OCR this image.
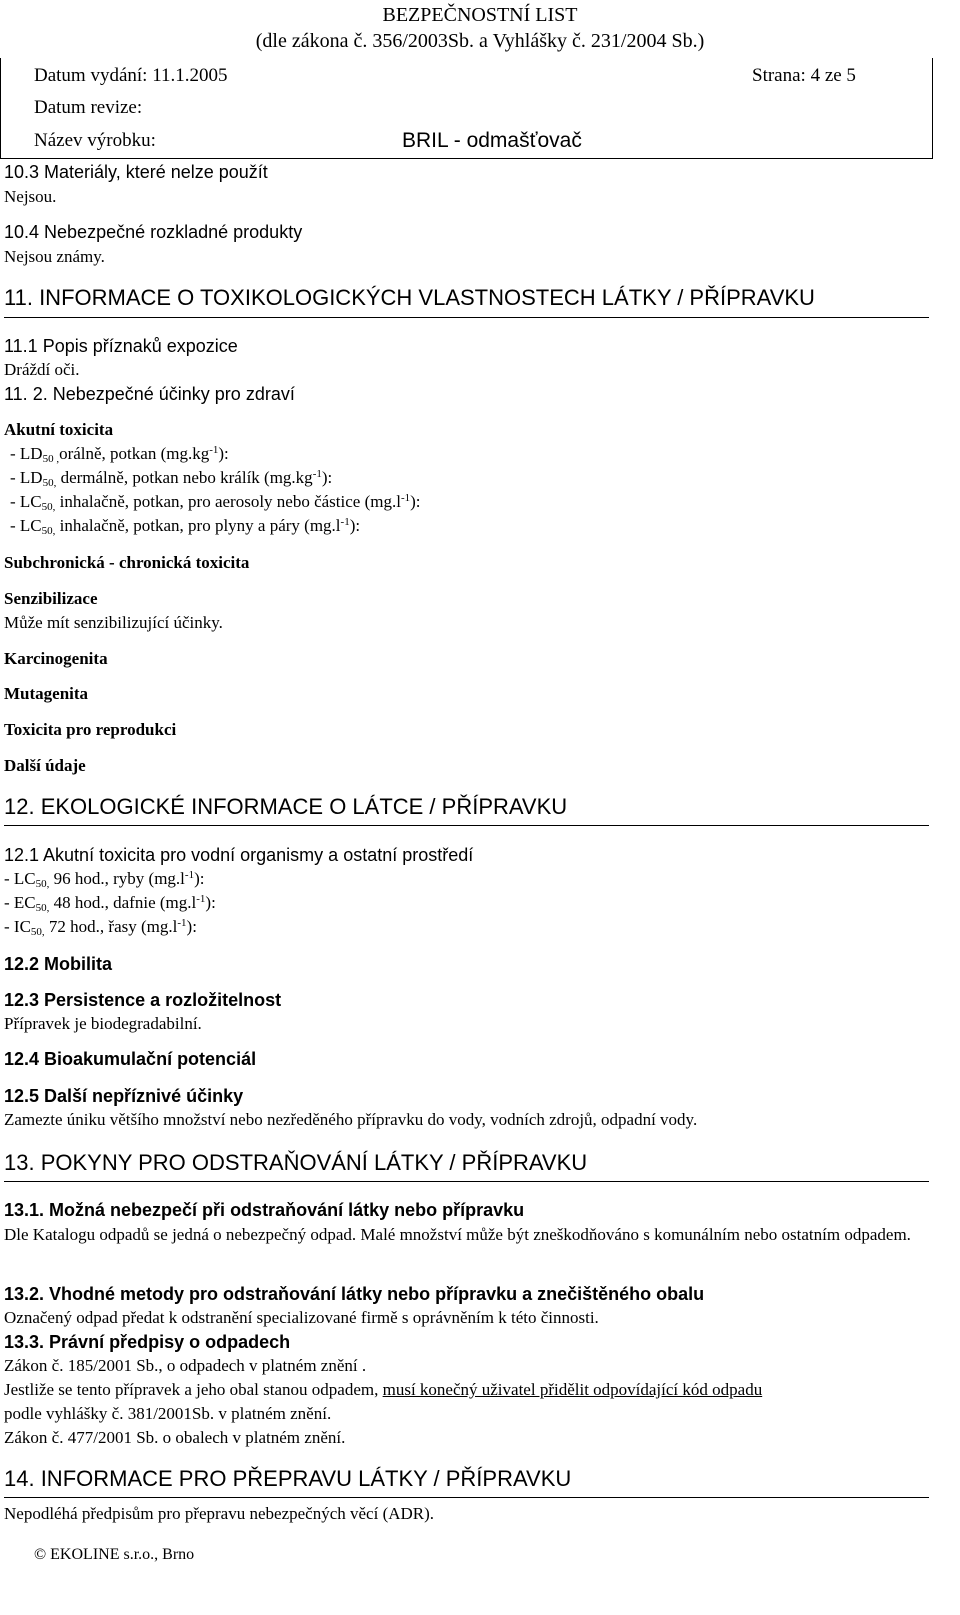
BEZPEČNOSTNÍ LIST
(dle zákona č. 356/2003Sb. a Vyhlášky č. 231/2004 Sb.)
Datum vydání: 11.1.2005	Strana: 4 ze 5
Datum revize:
Název výrobku:	BRIL - odmašťovač
10.3 Materiály, které nelze použít
Nejsou.
10.4 Nebezpečné rozkladné produkty
Nejsou známy.
11. INFORMACE O TOXIKOLOGICKÝCH VLASTNOSTECH LÁTKY / PŘÍPRAVKU
11.1 Popis příznaků expozice
Dráždí oči.
11. 2. Nebezpečné účinky pro zdraví
Akutní toxicita
- $LD_{50 ,}orá\ln ě$, potkan $(mg.kg^{-1})$:
- $LD_{50,}$ dermálně, potkan nebo králík $(mg.kg^{-1})$:
- $LC_{50,}$ inhalačně, potkan, pro aerosoly nebo částice $(mg.l^{-1})$:
- $LC_{50,}$ inhalačně, potkan, pro plyny a páry $(mg.l^{-1})$:
Subchronická - chronická toxicita
Senzibilizace
Může mít senzibilizující účinky.
Karcinogenita
Mutagenita
Toxicita pro reprodukci
Další údaje
12. EKOLOGICKÉ INFORMACE O LÁTCE / PŘÍPRAVKU
12.1 Akutní toxicita pro vodní organismy a ostatní prostředí
- $LC_{50,}$ 96 hod., ryby $(mg.l^{-1})$:
- $EC_{50,}$ 48 hod., dafnie $(mg.l^{-1})$:
- $IC_{50,}$ 72 hod., řasy $(mg.l^{-1})$:
12.2 Mobilita
12.3 Persistence a rozložitelnost
Přípravek je biodegradabilní.
12.4 Bioakumulační potenciál
12.5 Další nepříznivé účinky
Zamezte úniku většího množství nebo nezředěného přípravku do vody, vodních zdrojů, odpadní vody.
13. POKYNY PRO ODSTRAŇOVÁNÍ LÁTKY / PŘÍPRAVKU
13.1. Možná nebezpečí při odstraňování látky nebo přípravku
Dle Katalogu odpadů se jedná o nebezpečný odpad. Malé množství může být zneškodňováno s komunálním nebo ostatním odpadem.
13.2. Vhodné metody pro odstraňování látky nebo přípravku a znečištěného obalu
Označený odpad předat k odstranění specializované firmě s oprávněním k této činnosti.
13.3. Právní předpisy o odpadech
Zákon č. 185/2001 Sb., o odpadech v platném znění .
Jestliže se tento přípravek a jeho obal stanou odpadem, musí konečný uživatel přidělit odpovídající kód odpadu
podle vyhlášky č. 381/2001Sb. v platném znění.
Zákon č. 477/2001 Sb. o obalech v platném znění.
14. INFORMACE PRO PŘEPRAVU LÁTKY / PŘÍPRAVKU
Nepodléhá předpisům pro přepravu nebezpečných věcí (ADR).
© EKOLINE s.r.o., Brno
